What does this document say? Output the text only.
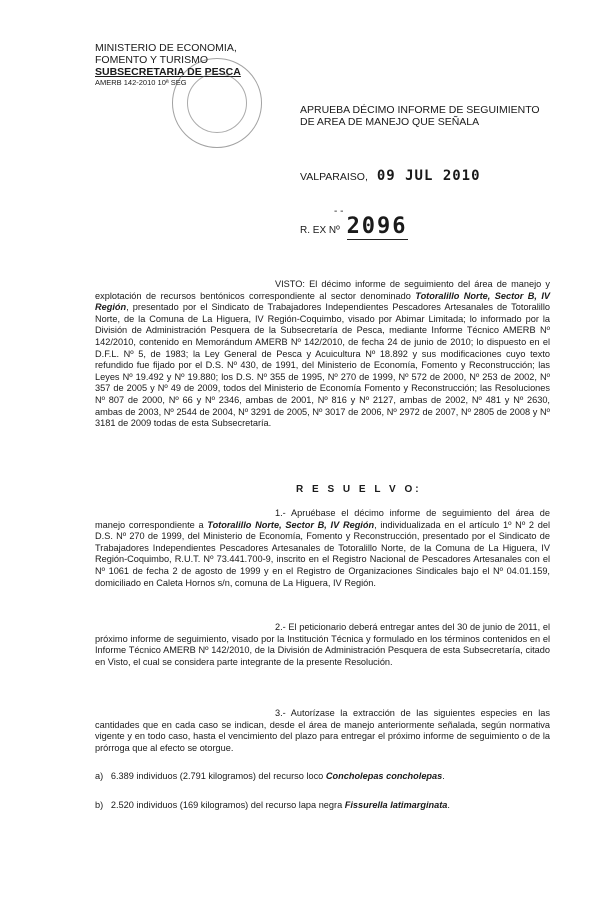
MINISTERIO DE ECONOMIA,
FOMENTO Y TURISMO
SUBSECRETARIA DE PESCA
AMERB 142-2010 10ª SEG
APRUEBA DÉCIMO INFORME DE SEGUIMIENTO
DE AREA DE MANEJO QUE SEÑALA
VALPARAISO, 09 JUL 2010
- -
R. EX Nº 2096
VISTO: El décimo informe de seguimiento del área de manejo y explotación de recursos bentónicos correspondiente al sector denominado Totoralillo Norte, Sector B, IV Región, presentado por el Sindicato de Trabajadores Independientes Pescadores Artesanales de Totoralillo Norte, de la Comuna de La Higuera, IV Región-Coquimbo, visado por Abimar Limitada; lo informado por la División de Administración Pesquera de la Subsecretaría de Pesca, mediante Informe Técnico AMERB Nº 142/2010, contenido en Memorándum AMERB Nº 142/2010, de fecha 24 de junio de 2010; lo dispuesto en el D.F.L. Nº 5, de 1983; la Ley General de Pesca y Acuicultura Nº 18.892 y sus modificaciones cuyo texto refundido fue fijado por el D.S. Nº 430, de 1991, del Ministerio de Economía, Fomento y Reconstrucción; las Leyes Nº 19.492 y Nº 19.880; los D.S. Nº 355 de 1995, Nº 270 de 1999, Nº 572 de 2000, Nº 253 de 2002, Nº 357 de 2005 y Nº 49 de 2009, todos del Ministerio de Economía Fomento y Reconstrucción; las Resoluciones Nº 807 de 2000, Nº 66 y Nº 2346, ambas de 2001, Nº 816 y Nº 2127, ambas de 2002, Nº 481 y Nº 2630, ambas de 2003, Nº 2544 de 2004, Nº 3291 de 2005, Nº 3017 de 2006, Nº 2972 de 2007, Nº 2805 de 2008 y Nº 3181 de 2009 todas de esta Subsecretaría.
R E S U E L V O:
1.- Apruébase el décimo informe de seguimiento del área de manejo correspondiente a Totoralillo Norte, Sector B, IV Región, individualizada en el artículo 1º Nº 2 del D.S. Nº 270 de 1999, del Ministerio de Economía, Fomento y Reconstrucción, presentado por el Sindicato de Trabajadores Independientes Pescadores Artesanales de Totoralillo Norte, de la Comuna de La Higuera, IV Región-Coquimbo, R.U.T. Nº 73.441.700-9, inscrito en el Registro Nacional de Pescadores Artesanales con el Nº 1061 de fecha 2 de agosto de 1999 y en el Registro de Organizaciones Sindicales bajo el Nº 04.01.159, domiciliado en Caleta Hornos s/n, comuna de La Higuera, IV Región.
2.- El peticionario deberá entregar antes del 30 de junio de 2011, el próximo informe de seguimiento, visado por la Institución Técnica y formulado en los términos contenidos en el Informe Técnico AMERB Nº 142/2010, de la División de Administración Pesquera de esta Subsecretaría, citado en Visto, el cual se considera parte integrante de la presente Resolución.
3.- Autorízase la extracción de las siguientes especies en las cantidades que en cada caso se indican, desde el área de manejo anteriormente señalada, según normativa vigente y en todo caso, hasta el vencimiento del plazo para entregar el próximo informe de seguimiento o de la prórroga que al efecto se otorgue.
a) 6.389 individuos (2.791 kilogramos) del recurso loco Concholepas concholepas.
b) 2.520 individuos (169 kilogramos) del recurso lapa negra Fissurella latimarginata.
